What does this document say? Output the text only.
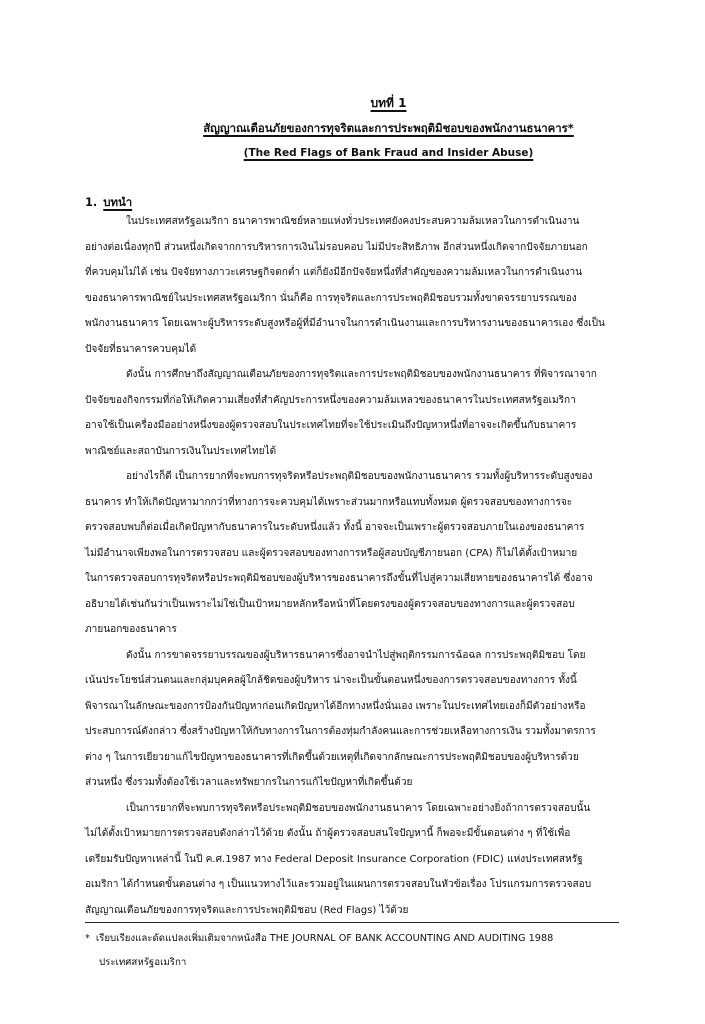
บทที่ 1
สัญญาณเตือนภัยของการทุจริตและการประพฤติมิชอบของพนักงานธนาคาร*
(The Red Flags of Bank Fraud and Insider Abuse)
1. บทนำ
ในประเทศสหรัฐอเมริกา ธนาคารพาณิชย์หลายแห่งทั่วประเทศยังคงประสบความล้มเหลวในการดำเนินงาน
อย่างต่อเนื่องทุกปี ส่วนหนึ่งเกิดจากการบริหารการเงินไม่รอบคอบ ไม่มีประสิทธิภาพ อีกส่วนหนึ่งเกิดจากปัจจัยภายนอก
ที่ควบคุมไม่ได้ เช่น ปัจจัยทางภาวะเศรษฐกิจตกต่ำ แต่ก็ยังมีอีกปัจจัยหนึ่งที่สำคัญของความล้มเหลวในการดำเนินงาน
ของธนาคารพาณิชย์ในประเทศสหรัฐอเมริกา นั่นก็คือ การทุจริตและการประพฤติมิชอบรวมทั้งขาดจรรยาบรรณของ
พนักงานธนาคาร โดยเฉพาะผู้บริหารระดับสูงหรือผู้ที่มีอำนาจในการดำเนินงานและการบริหารงานของธนาคารเอง ซึ่งเป็น
ปัจจัยที่ธนาคารควบคุมได้
ดังนั้น การศึกษาถึงสัญญาณเตือนภัยของการทุจริตและการประพฤติมิชอบของพนักงานธนาคาร ที่พิจารณาจาก
ปัจจัยของกิจกรรมที่ก่อให้เกิดความเสี่ยงที่สำคัญประการหนึ่งของความล้มเหลวของธนาคารในประเทศสหรัฐอเมริกา
อาจใช้เป็นเครื่องมืออย่างหนึ่งของผู้ตรวจสอบในประเทศไทยที่จะใช้ประเมินถึงปัญหาหนึ่งที่อาจจะเกิดขึ้นกับธนาคาร
พาณิชย์และสถาบันการเงินในประเทศไทยได้
อย่างไรก็ดี เป็นการยากที่จะพบการทุจริตหรือประพฤติมิชอบของพนักงานธนาคาร รวมทั้งผู้บริหารระดับสูงของ
ธนาคาร ทำให้เกิดปัญหามากกว่าที่ทางการจะควบคุมได้เพราะส่วนมากหรือแทบทั้งหมด ผู้ตรวจสอบของทางการจะ
ตรวจสอบพบก็ต่อเมื่อเกิดปัญหากับธนาคารในระดับหนึ่งแล้ว ทั้งนี้ อาจจะเป็นเพราะผู้ตรวจสอบภายในเองของธนาคาร
ไม่มีอำนาจเพียงพอในการตรวจสอบ และผู้ตรวจสอบของทางการหรือผู้สอบบัญชีภายนอก (CPA) ก็ไม่ได้ตั้งเป้าหมาย
ในการตรวจสอบการทุจริตหรือประพฤติมิชอบของผู้บริหารของธนาคารถึงขั้นที่ไปสู่ความเสียหายของธนาคารได้ ซึ่งอาจ
อธิบายได้เช่นกันว่าเป็นเพราะไม่ใช่เป็นเป้าหมายหลักหรือหน้าที่โดยตรงของผู้ตรวจสอบของทางการและผู้ตรวจสอบ
ภายนอกของธนาคาร
ดังนั้น การขาดจรรยาบรรณของผู้บริหารธนาคารซึ่งอาจนำไปสู่พฤติกรรมการฉ้อฉล การประพฤติมิชอบ โดย
เน้นประโยชน์ส่วนตนและกลุ่มบุคคลผู้ใกล้ชิดของผู้บริหาร น่าจะเป็นขั้นตอนหนึ่งของการตรวจสอบของทางการ ทั้งนี้
พิจารณาในลักษณะของการป้องกันปัญหาก่อนเกิดปัญหาได้อีกทางหนึ่งนั่นเอง เพราะในประเทศไทยเองก็มีตัวอย่างหรือ
ประสบการณ์ดังกล่าว ซึ่งสร้างปัญหาให้กับทางการในการต้องทุ่มกำลังคนและการช่วยเหลือทางการเงิน รวมทั้งมาตรการ
ต่าง ๆ ในการเยียวยาแก้ไขปัญหาของธนาคารที่เกิดขึ้นด้วยเหตุที่เกิดจากลักษณะการประพฤติมิชอบของผู้บริหารด้วย
ส่วนหนึ่ง ซึ่งรวมทั้งต้องใช้เวลาและทรัพยากรในการแก้ไขปัญหาที่เกิดขึ้นด้วย
เป็นการยากที่จะพบการทุจริตหรือประพฤติมิชอบของพนักงานธนาคาร โดยเฉพาะอย่างยิ่งถ้าการตรวจสอบนั้น
ไม่ได้ตั้งเป้าหมายการตรวจสอบดังกล่าวไว้ด้วย ดังนั้น ถ้าผู้ตรวจสอบสนใจปัญหานี้ ก็พอจะมีขั้นตอนต่าง ๆ ที่ใช้เพื่อ
เตรียมรับปัญหาเหล่านี้ ในปี ค.ศ.1987 ทาง Federal Deposit Insurance Corporation (FDIC) แห่งประเทศสหรัฐ
อเมริกา ได้กำหนดขั้นตอนต่าง ๆ เป็นแนวทางไว้และรวมอยู่ในแผนการตรวจสอบในหัวข้อเรื่อง โปรแกรมการตรวจสอบ
สัญญาณเตือนภัยของการทุจริตและการประพฤติมิชอบ (Red Flags) ไว้ด้วย
* เรียบเรียงและดัดแปลงเพิ่มเติมจากหนังสือ THE JOURNAL OF BANK ACCOUNTING AND AUDITING 1988
ประเทศสหรัฐอเมริกา
